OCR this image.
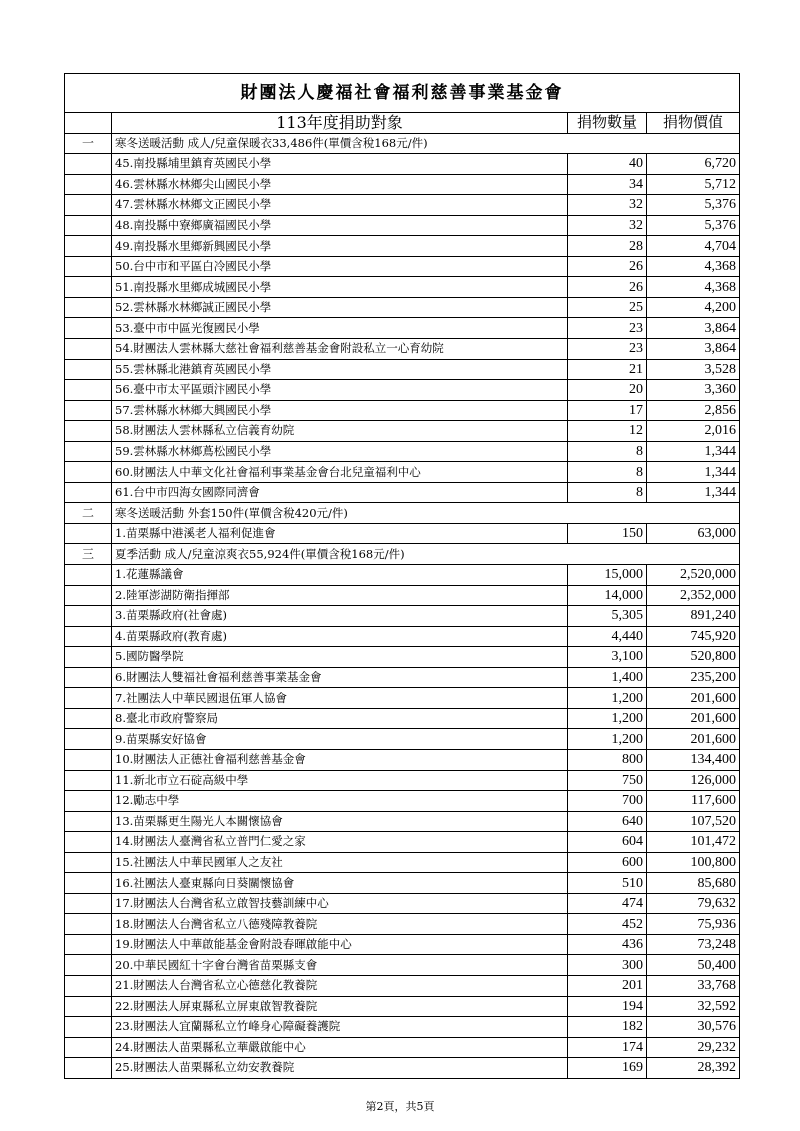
財團法人慶福社會福利慈善事業基金會			
	113年度捐助對象	捐物數量	捐物價值
一	寒冬送暖活動 成人/兒童保暖衣33,486件(單價含稅168元/件)		
	45.南投縣埔里鎮育英國民小學	40	6,720
	46.雲林縣水林鄉尖山國民小學	34	5,712
	47.雲林縣水林鄉文正國民小學	32	5,376
	48.南投縣中寮鄉廣福國民小學	32	5,376
	49.南投縣水里鄉新興國民小學	28	4,704
	50.台中市和平區白冷國民小學	26	4,368
	51.南投縣水里鄉成城國民小學	26	4,368
	52.雲林縣水林鄉誠正國民小學	25	4,200
	53.臺中市中區光復國民小學	23	3,864
	54.財團法人雲林縣大慈社會福利慈善基金會附設私立一心育幼院	23	3,864
	55.雲林縣北港鎮育英國民小學	21	3,528
	56.臺中市太平區頭汴國民小學	20	3,360
	57.雲林縣水林鄉大興國民小學	17	2,856
	58.財團法人雲林縣私立信義育幼院	12	2,016
	59.雲林縣水林鄉蔦松國民小學	8	1,344
	60.財團法人中華文化社會福利事業基金會台北兒童福利中心	8	1,344
	61.台中市四海女國際同濟會	8	1,344
二	寒冬送暖活動 外套150件(單價含稅420元/件)		
	1.苗栗縣中港溪老人福利促進會	150	63,000
三	夏季活動 成人/兒童涼爽衣55,924件(單價含稅168元/件)		
	1.花蓮縣議會	15,000	2,520,000
	2.陸軍澎湖防衛指揮部	14,000	2,352,000
	3.苗栗縣政府(社會處)	5,305	891,240
	4.苗栗縣政府(教育處)	4,440	745,920
	5.國防醫學院	3,100	520,800
	6.財團法人雙福社會福利慈善事業基金會	1,400	235,200
	7.社團法人中華民國退伍軍人協會	1,200	201,600
	8.臺北市政府警察局	1,200	201,600
	9.苗栗縣安好協會	1,200	201,600
	10.財團法人正德社會福利慈善基金會	800	134,400
	11.新北市立石碇高級中學	750	126,000
	12.勵志中學	700	117,600
	13.苗栗縣更生陽光人本關懷協會	640	107,520
	14.財團法人臺灣省私立普門仁愛之家	604	101,472
	15.社團法人中華民國軍人之友社	600	100,800
	16.社團法人臺東縣向日葵關懷協會	510	85,680
	17.財團法人台灣省私立啟智技藝訓練中心	474	79,632
	18.財團法人台灣省私立八德殘障教養院	452	75,936
	19.財團法人中華啟能基金會附設春暉啟能中心	436	73,248
	20.中華民國紅十字會台灣省苗栗縣支會	300	50,400
	21.財團法人台灣省私立心德慈化教養院	201	33,768
	22.財團法人屏東縣私立屏東啟智教養院	194	32,592
	23.財團法人宜蘭縣私立竹峰身心障礙養護院	182	30,576
	24.財團法人苗栗縣私立華嚴啟能中心	174	29,232
	25.財團法人苗栗縣私立幼安教養院	169	28,392
第2頁，共5頁
